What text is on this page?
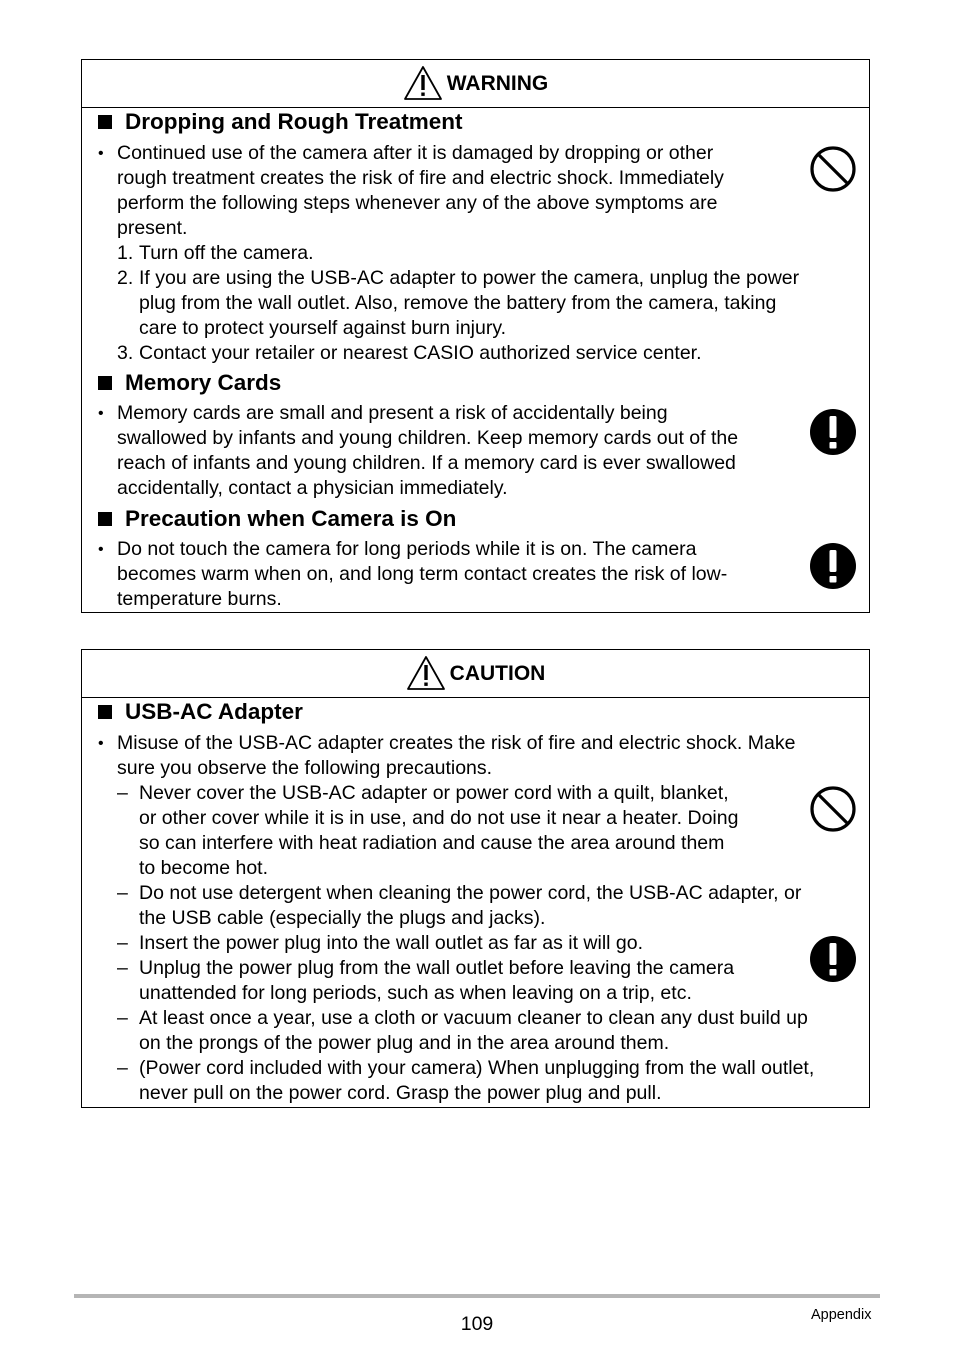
WARNING
Dropping and Rough Treatment
• Continued use of the camera after it is damaged by dropping or other
rough treatment creates the risk of fire and electric shock. Immediately
perform the following steps whenever any of the above symptoms are
present.
1. Turn off the camera.
2. If you are using the USB-AC adapter to power the camera, unplug the power
plug from the wall outlet. Also, remove the battery from the camera, taking
care to protect yourself against burn injury.
3. Contact your retailer or nearest CASIO authorized service center.
Memory Cards
• Memory cards are small and present a risk of accidentally being
swallowed by infants and young children. Keep memory cards out of the
reach of infants and young children. If a memory card is ever swallowed
accidentally, contact a physician immediately.
Precaution when Camera is On
• Do not touch the camera for long periods while it is on. The camera
becomes warm when on, and long term contact creates the risk of low-
temperature burns.
CAUTION
USB-AC Adapter
• Misuse of the USB-AC adapter creates the risk of fire and electric shock. Make
sure you observe the following precautions.
– Never cover the USB-AC adapter or power cord with a quilt, blanket,
or other cover while it is in use, and do not use it near a heater. Doing
so can interfere with heat radiation and cause the area around them
to become hot.
– Do not use detergent when cleaning the power cord, the USB-AC adapter, or
the USB cable (especially the plugs and jacks).
– Insert the power plug into the wall outlet as far as it will go.
– Unplug the power plug from the wall outlet before leaving the camera
unattended for long periods, such as when leaving on a trip, etc.
– At least once a year, use a cloth or vacuum cleaner to clean any dust build up
on the prongs of the power plug and in the area around them.
– (Power cord included with your camera) When unplugging from the wall outlet,
never pull on the power cord. Grasp the power plug and pull.
109	Appendix
